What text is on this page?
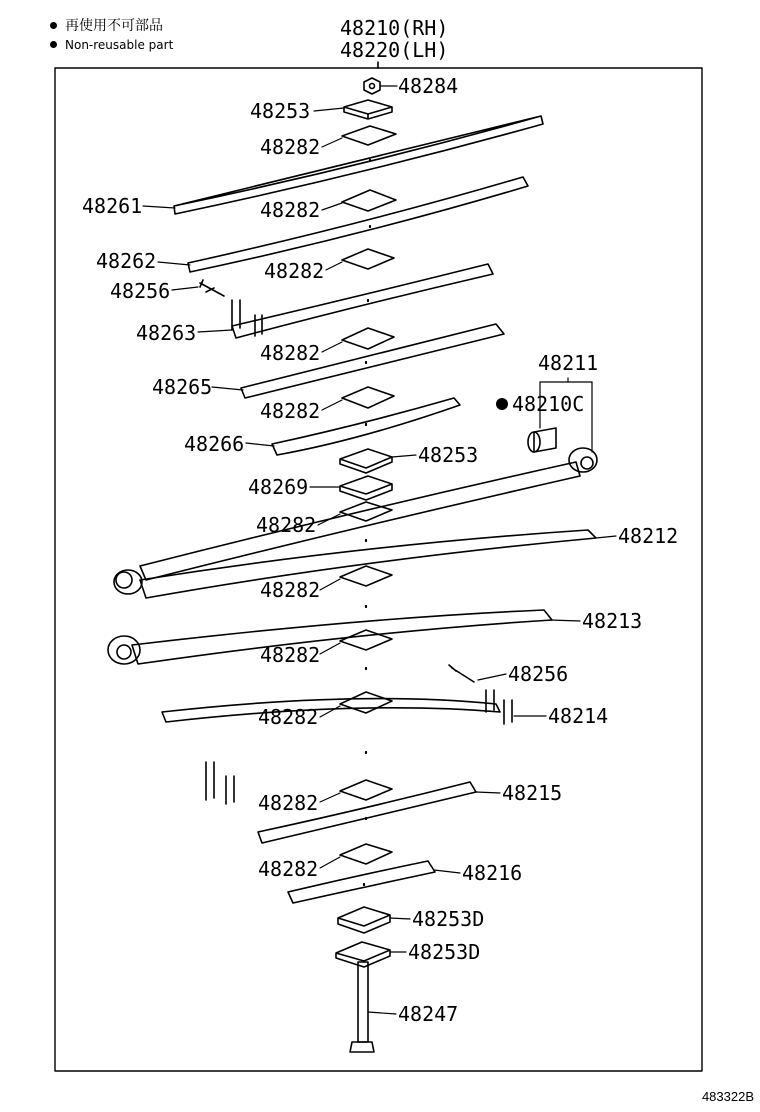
再使用不可部品
Non-reusable part
48210(RH)
48220(LH)
48284
48253
48282
48261	48282
48262	48282
48256
48263
48282	48211
48265
48210C
48282
48266	48253
48269
48282	48212
48282
48213
48282
48256
48282	48214
48282	48215
48282	48216
48253D
48253D
48247
483322B
